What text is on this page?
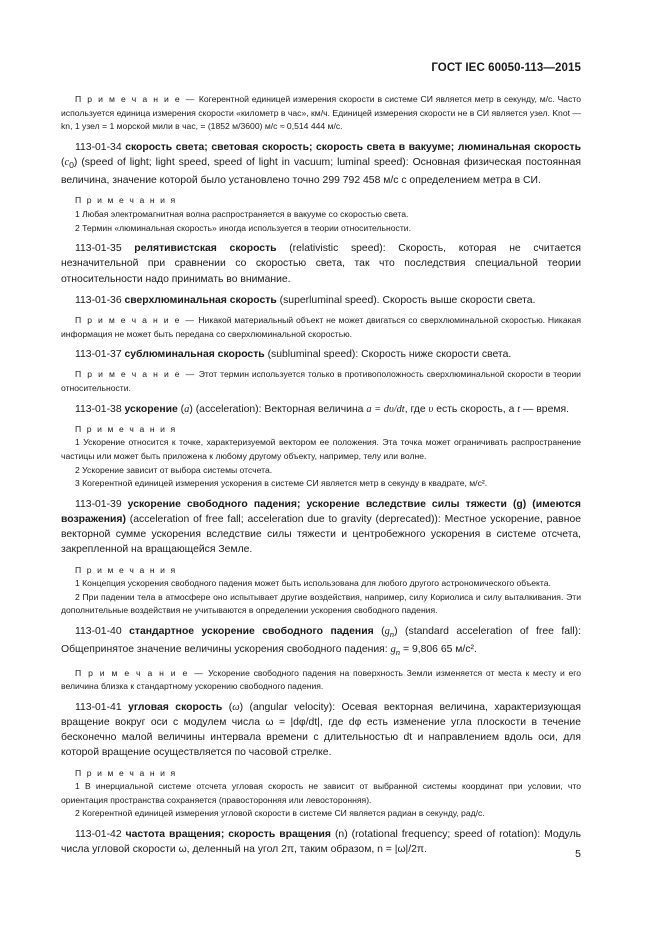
ГОСТ IEC 60050-113—2015

П р и м е ч а н и е — Когерентной единицей измерения скорости в системе СИ является метр в секунду, м/с. Часто используется единица измерения скорости «километр в час», км/ч. Единицей измерения скорости не в СИ является узел. Knot — kn, 1 узел = 1 морской мили в час, = (1852 м/3600) м/с ≈ 0,514 444 м/с.

113-01-34 скорость света; световая скорость; скорость света в вакууме; люминальная скорость $(c_0)$ (speed of light; light speed, speed of light in vacuum; luminal speed): Основная физическая постоянная величина, значение которой было установлено точно 299 792 458 м/с с определением метра в СИ.

П р и м е ч а н и я
1 Любая электромагнитная волна распространяется в вакууме со скоростью света.
2 Термин «люминальная скорость» иногда используется в теории относительности.

113-01-35 релятивистская скорость (relativistic speed): Скорость, которая не считается незначительной при сравнении со скоростью света, так что последствия специальной теории относительности надо принимать во внимание.

113-01-36 сверхлюминальная скорость (superluminal speed). Скорость выше скорости света.

П р и м е ч а н и е — Никакой материальный объект не может двигаться со сверхлюминальной скоростью. Никакая информация не может быть передана со сверхлюминальной скоростью.

113-01-37 сублюминальная скорость (subluminal speed): Скорость ниже скорости света.

П р и м е ч а н и е — Этот термин используется только в противоположность сверхлюминальной скорости в теории относительности.

113-01-38 ускорение (a) (acceleration): Векторная величина a = dυ/dt, где υ есть скорость, а t — время.

П р и м е ч а н и я
1 Ускорение относится к точке, характеризуемой вектором ее положения. Эта точка может ограничивать распространение частицы или может быть приложена к любому другому объекту, например, телу или волне.
2 Ускорение зависит от выбора системы отсчета.
3 Когерентной единицей измерения ускорения в системе СИ является метр в секунду в квадрате, м/с².

113-01-39 ускорение свободного падения; ускорение вследствие силы тяжести (g) (имеются возражения) (acceleration of free fall; acceleration due to gravity (deprecated)): Местное ускорение, равное векторной сумме ускорения вследствие силы тяжести и центробежного ускорения в системе отсчета, закрепленной на вращающейся Земле.

П р и м е ч а н и я
1 Концепция ускорения свободного падения может быть использована для любого другого астрономического объекта.
2 При падении тела в атмосфере оно испытывает другие воздействия, например, силу Кориолиса и силу выталкивания. Эти дополнительные воздействия не учитываются в определении ускорения свободного падения.

113-01-40 стандартное ускорение свободного падения $(g_n)$ (standard acceleration of free fall): Общепринятое значение величины ускорения свободного падения: $g_n = 9,806$ 65 м/с².

П р и м е ч а н и е — Ускорение свободного падения на поверхность Земли изменяется от места к месту и его величина близка к стандартному ускорению свободного падения.

113-01-41 угловая скорость (ω) (angular velocity): Осевая векторная величина, характеризующая вращение вокруг оси с модулем числа ω = |dφ/dt|, где dφ есть изменение угла плоскости в течение бесконечно малой величины интервала времени с длительностью dt и направлением вдоль оси, для которой вращение осуществляется по часовой стрелке.

П р и м е ч а н и я
1 В инерциальной системе отсчета угловая скорость не зависит от выбранной системы координат при условии, что ориентация пространства сохраняется (правосторонняя или левосторонняя).
2 Когерентной единицей измерения угловой скорости в системе СИ является радиан в секунду, рад/с.

113-01-42 частота вращения; скорость вращения (n) (rotational frequency; speed of rotation): Модуль числа угловой скорости ω, деленный на угол 2π, таким образом, n = |ω|/2π.	5
